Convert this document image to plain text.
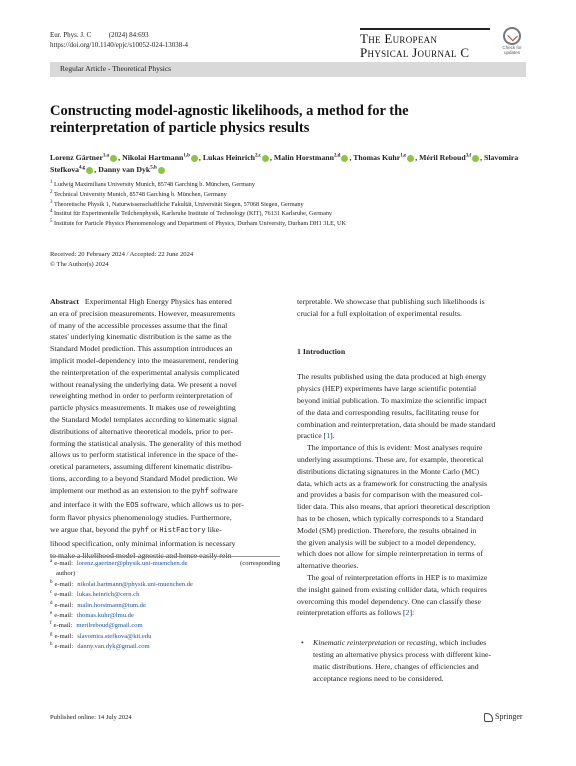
Eur. Phys. J. C	(2024) 84:693
https://doi.org/10.1140/epjc/s10052-024-13038-4	The European
Physical Journal C	Check for
updates
Regular Article - Theoretical Physics
Constructing model-agnostic likelihoods, a method for the
reinterpretation of particle physics results
Lorenz Gärtner$^{1,a}$ , Nikolai Hartmann$^{1,b}$ , Lukas Heinrich$^{2,c}$ , Malin Horstmann$^{2,d}$ , Thomas Kuhr$^{1,e}$ , Méril Reboud$^{3,f}$ , Slavomira Stefkova$^{4,g}$ , Danny van Dyk$^{5,h}$
$^1$ Ludwig Maximilians University Munich, 85748 Garching b. München, Germany
$^2$ Technical University Munich, 85748 Garching b. München, Germany
$^3$ Theoretische Physik 1, Naturwissenschaftliche Fakultät, Universität Siegen, 57068 Siegen, Germany
$^4$ Institut für Experimentelle Teilchenphysik, Karlsruhe Institute of Technology (KIT), 76131 Karlsruhe, Germany
$^5$ Institute for Particle Physics Phenomenology and Department of Physics, Durham University, Durham DH1 3LE, UK
Received: 20 February 2024 / Accepted: 22 June 2024
© The Author(s) 2024
Abstract Experimental High Energy Physics has entered
an era of precision measurements. However, measurements
of many of the accessible processes assume that the final
states' underlying kinematic distribution is the same as the
Standard Model prediction. This assumption introduces an
implicit model-dependency into the measurement, rendering
the reinterpretation of the experimental analysis complicated
without reanalysing the underlying data. We present a novel
reweighting method in order to perform reinterpretation of
particle physics measurements. It makes use of reweighting
the Standard Model templates according to kinematic signal
distributions of alternative theoretical models, prior to per-
forming the statistical analysis. The generality of this method
allows us to perform statistical inference in the space of the-
oretical parameters, assuming different kinematic distribu-
tions, according to a beyond Standard Model prediction. We
implement our method as an extension to the pyhf software
and interface it with the EOS software, which allows us to per-
form flavor physics phenomenology studies. Furthermore,
we argue that, beyond the pyhf or HistFactory like-
lihood specification, only minimal information is necessary
to make a likelihood model-agnostic and hence easily rein-
$^a$ e-mail: lorenz.gaertner@physik.uni-muenchen.de	(corresponding
author)
$^b$ e-mail: nikolai.hartmann@physik.uni-muenchen.de
$^c$ e-mail: lukas.heinrich@cern.ch
$^d$ e-mail: malin.horstmann@tum.de
$^e$ e-mail: thomas.kuhr@lmu.de
$^f$ e-mail: merilreboud@gmail.com
$^g$ e-mail: slavomira.stefkova@kit.edu
$^h$ e-mail: danny.van.dyk@gmail.com
terpretable. We showcase that publishing such likelihoods is
crucial for a full exploitation of experimental results.
1 Introduction
The results published using the data produced at high energy
physics (HEP) experiments have large scientific potential
beyond initial publication. To maximize the scientific impact
of the data and corresponding results, facilitating reuse for
combination and reinterpretation, data should be made standard
practice [1].
The importance of this is evident: Most analyses require
underlying assumptions. These are, for example, theoretical
distributions dictating signatures in the Monte Carlo (MC)
data, which acts as a framework for constructing the analysis
and provides a basis for comparison with the measured col-
lider data. This also means, that apriori theoretical description
has to be chosen, which typically corresponds to a Standard
Model (SM) prediction. Therefore, the results obtained in
the given analysis will be subject to a model dependency,
which does not allow for simple reinterpretation in terms of
alternative theories.
The goal of reinterpretation efforts in HEP is to maximize
the insight gained from existing collider data, which requires
overcoming this model dependency. One can classify these
reinterpretation efforts as follows [2]:
• Kinematic reinterpretation or recasting, which includes
testing an alternative physics process with different kine-
matic distributions. Here, changes of efficiencies and
acceptance regions need to be considered.
Published online: 14 July 2024	Springer
